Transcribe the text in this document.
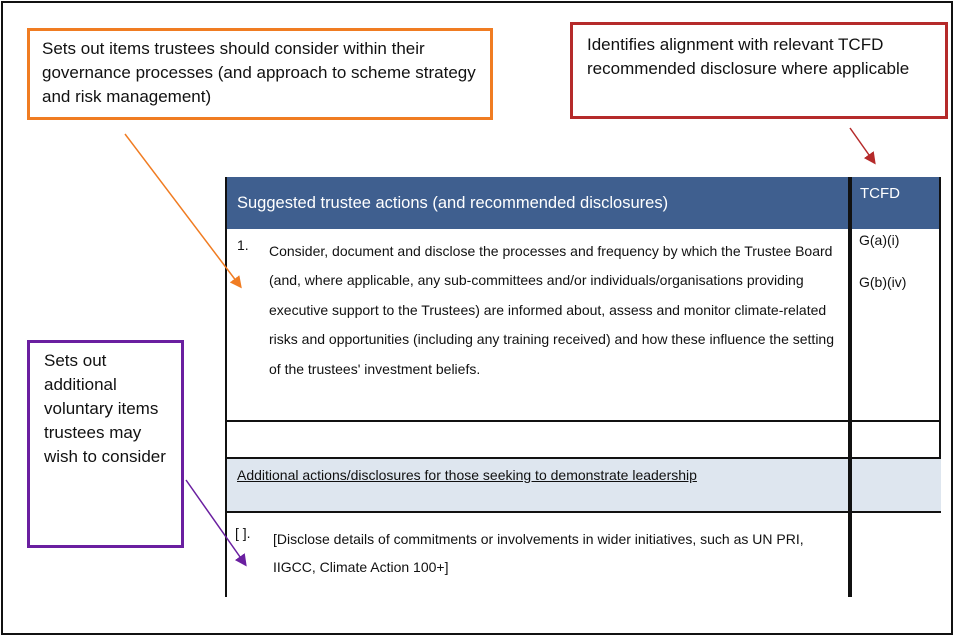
Sets out items trustees should consider within their governance processes (and approach to scheme strategy and risk management)
Identifies alignment with relevant TCFD recommended disclosure where applicable
Sets out additional voluntary items trustees may wish to consider
Suggested trustee actions (and recommended disclosures)
TCFD
1. Consider, document and disclose the processes and frequency by which the Trustee Board (and, where applicable, any sub-committees and/or individuals/organisations providing executive support to the Trustees) are informed about, assess and monitor climate-related risks and opportunities (including any training received) and how these influence the setting of the trustees' investment beliefs.
G(a)(i)
G(b)(iv)
Additional actions/disclosures for those seeking to demonstrate leadership
[ ]. [Disclose details of commitments or involvements in wider initiatives, such as UN PRI, IIGCC, Climate Action 100+]
